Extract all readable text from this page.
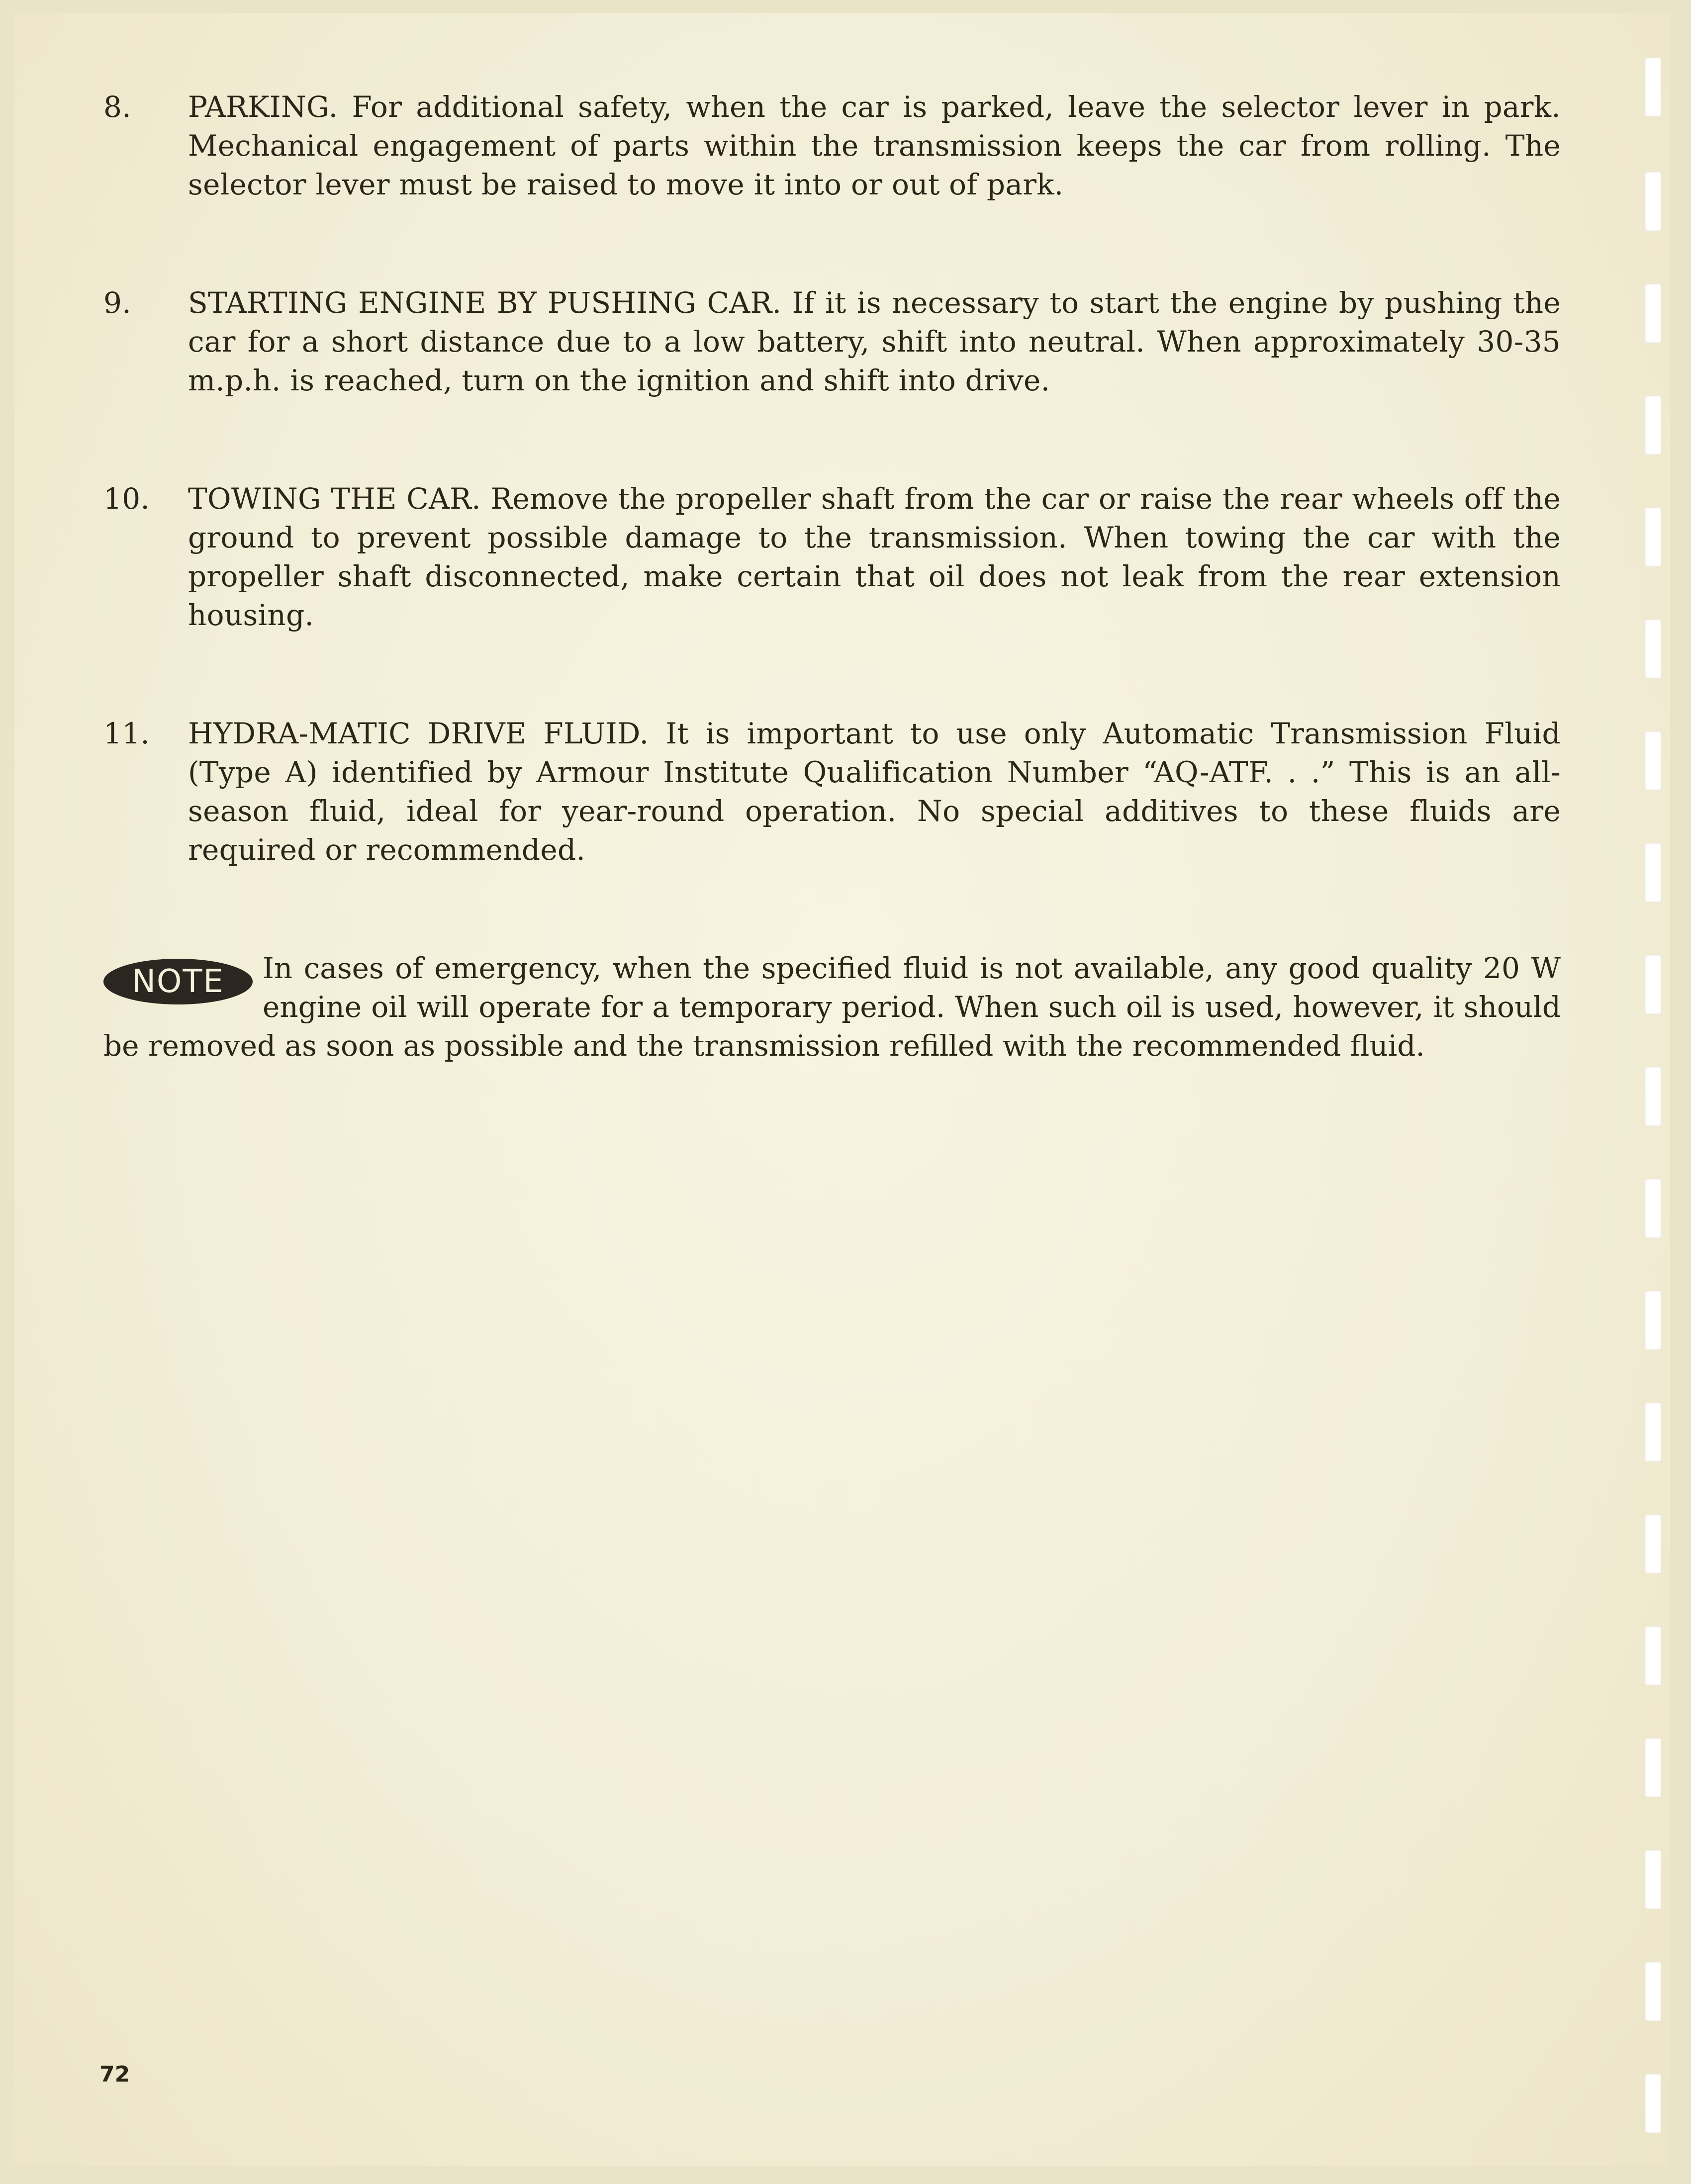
8. PARKING. For additional safety, when the car is parked, leave the selector lever in park. Mechanical engagement of parts within the transmission keeps the car from rolling. The selector lever must be raised to move it into or out of park.
9. STARTING ENGINE BY PUSHING CAR. If it is necessary to start the engine by pushing the car for a short distance due to a low battery, shift into neutral. When approximately 30-35 m.p.h. is reached, turn on the ignition and shift into drive.
10. TOWING THE CAR. Remove the propeller shaft from the car or raise the rear wheels off the ground to prevent possible damage to the transmission. When towing the car with the propeller shaft disconnected, make certain that oil does not leak from the rear extension housing.
11. HYDRA-MATIC DRIVE FLUID. It is important to use only Automatic Transmission Fluid (Type A) identified by Armour Institute Qualification Number “AQ-ATF. . .” This is an all-season fluid, ideal for year-round operation. No special additives to these fluids are required or recommended.
NOTE	In cases of emergency, when the specified fluid is not available, any good quality 20 W engine oil will operate for a temporary period. When such oil is used, however, it should be removed as soon as possible and the transmission refilled with the recommended fluid.
72
